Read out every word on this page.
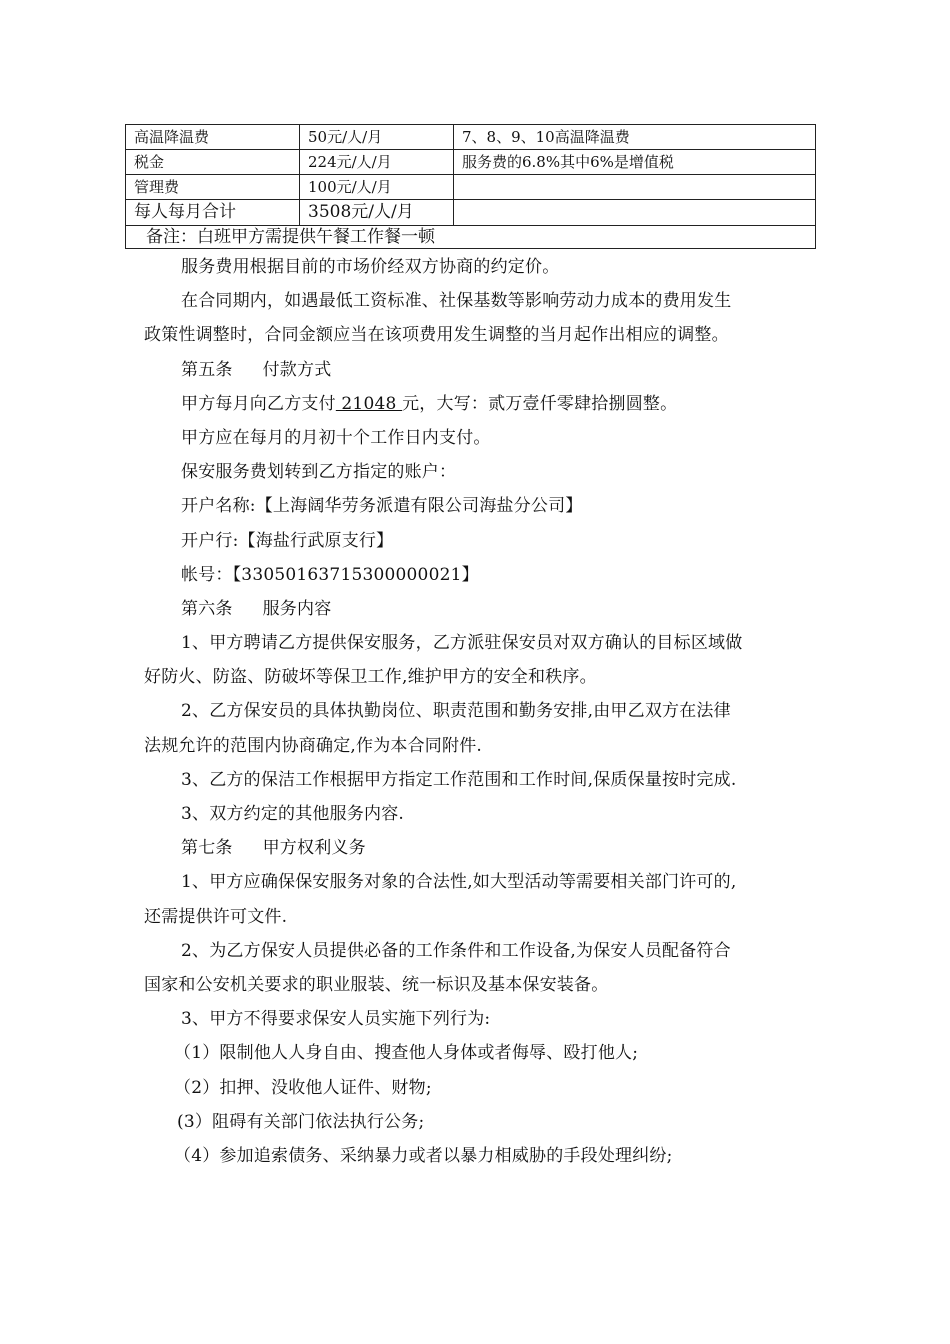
高温降温费	50元/人/月	7、8、9、10高温降温费
税金	224元/人/月	服务费的6.8%其中6%是增值税
管理费	100元/人/月	
每人每月合计	3508元/人/月	
备注：白班甲方需提供午餐工作餐一顿		
服务费用根据目前的市场价经双方协商的约定价。
在合同期内，如遇最低工资标准、社保基数等影响劳动力成本的费用发生
政策性调整时，合同金额应当在该项费用发生调整的当月起作出相应的调整。
第五条 付款方式
甲方每月向乙方支付 21048 元，大写：贰万壹仟零肆拾捌圆整。
甲方应在每月的月初十个工作日内支付。
保安服务费划转到乙方指定的账户：
开户名称:【上海阔华劳务派遣有限公司海盐分公司】
开户行:【海盐行武原支行】
帐号：【33050163715300000021】
第六条 服务内容
1、甲方聘请乙方提供保安服务，乙方派驻保安员对双方确认的目标区域做
好防火、防盗、防破坏等保卫工作,维护甲方的安全和秩序。
2、乙方保安员的具体执勤岗位、职责范围和勤务安排,由甲乙双方在法律
法规允许的范围内协商确定,作为本合同附件.
3、乙方的保洁工作根据甲方指定工作范围和工作时间,保质保量按时完成.
3、双方约定的其他服务内容.
第七条 甲方权利义务
1、甲方应确保保安服务对象的合法性,如大型活动等需要相关部门许可的,
还需提供许可文件.
2、为乙方保安人员提供必备的工作条件和工作设备,为保安人员配备符合
国家和公安机关要求的职业服装、统一标识及基本保安装备。
3、甲方不得要求保安人员实施下列行为:
（1）限制他人人身自由、搜查他人身体或者侮辱、殴打他人;
（2）扣押、没收他人证件、财物;
(3）阻碍有关部门依法执行公务;
（4）参加追索债务、采纳暴力或者以暴力相威胁的手段处理纠纷;
